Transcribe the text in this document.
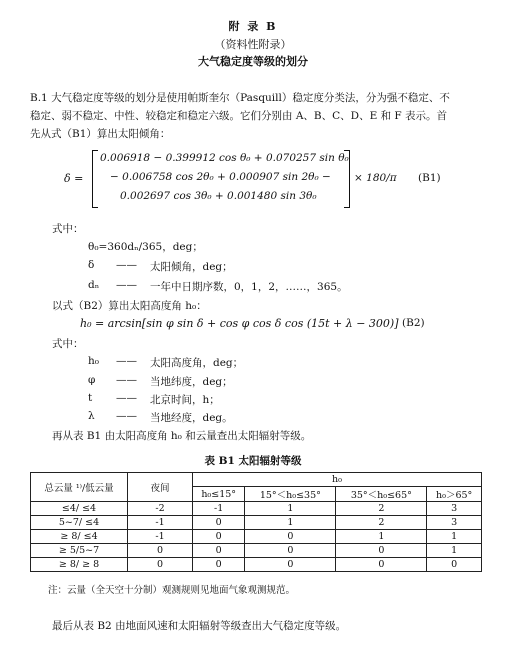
附 录 B
（资料性附录）
大气稳定度等级的划分
B.1 大气稳定度等级的划分是使用帕斯奎尔（Pasquill）稳定度分类法，分为强不稳定、不
稳定、弱不稳定、中性、较稳定和稳定六级。它们分别由 A、B、C、D、E 和 F 表示。首
先从式（B1）算出太阳倾角：
δ =
0.006918 − 0.399912 cos θ₀ + 0.070257 sin θ₀
− 0.006758 cos 2θ₀ + 0.000907 sin 2θ₀ −
0.002697 cos 3θ₀ + 0.001480 sin 3θ₀
× 180/π (B1)
式中：
θ₀=360dₙ/365，deg；
δ —— 太阳倾角，deg；
dₙ —— 一年中日期序数，0，1，2，……，365。
以式（B2）算出太阳高度角 h₀：
h₀ = arcsin[sin φ sin δ + cos φ cos δ cos (15t + λ − 300)] (B2)
式中：
h₀ —— 太阳高度角，deg；
φ —— 当地纬度，deg；
t —— 北京时间，h；
λ —— 当地经度，deg。
再从表 B1 由太阳高度角 h₀ 和云量查出太阳辐射等级。
表 B1 太阳辐射等级
总云量 ¹⁾/低云量	夜间	h₀			
		h₀≤15°	15°＜h₀≤35°	35°＜h₀≤65°	h₀＞65°
≤4/ ≤4	-2	-1	1	2	3
5~7/ ≤4	-1	0	1	2	3
≥ 8/ ≤4	-1	0	0	1	1
≥ 5/5~7	0	0	0	0	1
≥ 8/ ≥ 8	0	0	0	0	0
注：云量（全天空十分制）观测规则见地面气象观测规范。
最后从表 B2 由地面风速和太阳辐射等级查出大气稳定度等级。
